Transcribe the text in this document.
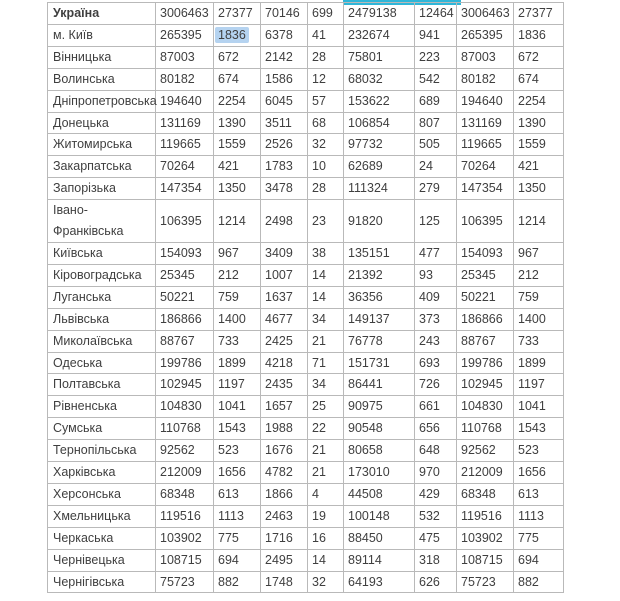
Україна	3006463	27377	70146	699	2479138	12464	3006463	27377
м. Київ	265395	1836	6378	41	232674	941	265395	1836
Вінницька	87003	672	2142	28	75801	223	87003	672
Волинська	80182	674	1586	12	68032	542	80182	674
Дніпропетровська	194640	2254	6045	57	153622	689	194640	2254
Донецька	131169	1390	3511	68	106854	807	131169	1390
Житомирська	119665	1559	2526	32	97732	505	119665	1559
Закарпатська	70264	421	1783	10	62689	24	70264	421
Запорізька	147354	1350	3478	28	111324	279	147354	1350
Івано-Франківська	106395	1214	2498	23	91820	125	106395	1214
Київська	154093	967	3409	38	135151	477	154093	967
Кіровоградська	25345	212	1007	14	21392	93	25345	212
Луганська	50221	759	1637	14	36356	409	50221	759
Львівська	186866	1400	4677	34	149137	373	186866	1400
Миколаївська	88767	733	2425	21	76778	243	88767	733
Одеська	199786	1899	4218	71	151731	693	199786	1899
Полтавська	102945	1197	2435	34	86441	726	102945	1197
Рівненська	104830	1041	1657	25	90975	661	104830	1041
Сумська	110768	1543	1988	22	90548	656	110768	1543
Тернопільська	92562	523	1676	21	80658	648	92562	523
Харківська	212009	1656	4782	21	173010	970	212009	1656
Херсонська	68348	613	1866	4	44508	429	68348	613
Хмельницька	119516	1113	2463	19	100148	532	119516	1113
Черкаська	103902	775	1716	16	88450	475	103902	775
Чернівецька	108715	694	2495	14	89114	318	108715	694
Чернігівська	75723	882	1748	32	64193	626	75723	882
